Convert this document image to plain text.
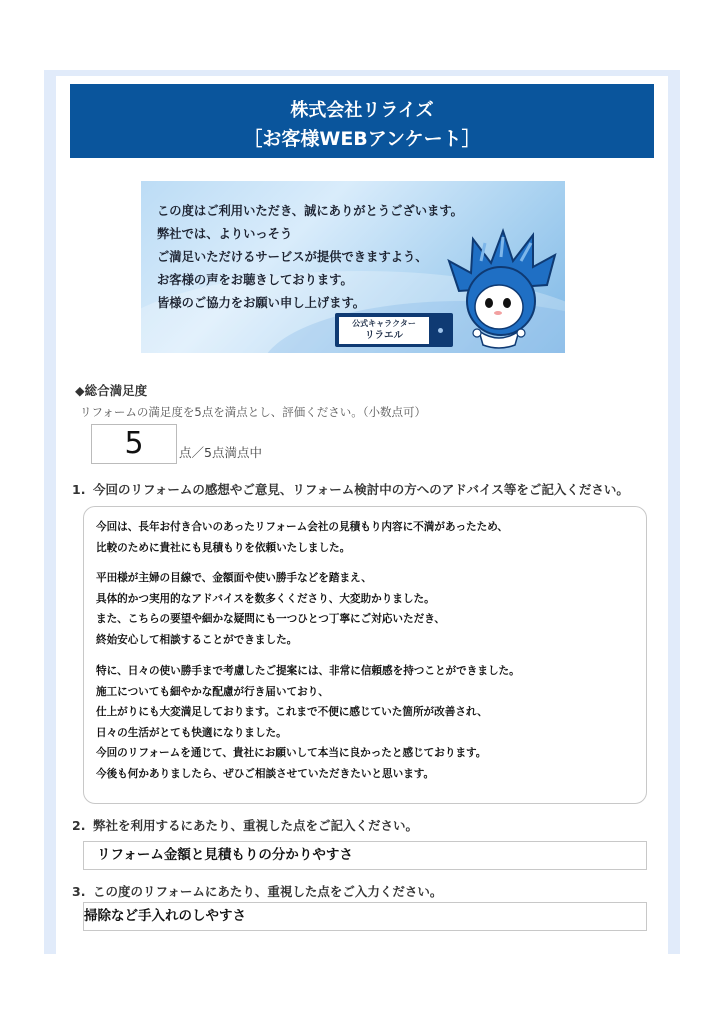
株式会社リライズ
［お客様WEBアンケート］
この度はご利用いただき、誠にありがとうございます。
弊社では、よりいっそう
ご満足いただけるサービスが提供できますよう、
お客様の声をお聴きしております。
皆様のご協力をお願い申し上げます。
公式キャラクター
リラエル
◆総合満足度
リフォームの満足度を5点を満点とし、評価ください。（小数点可）
5	点／5点満点中
1. 今回のリフォームの感想やご意見、リフォーム検討中の方へのアドバイス等をご記入ください。
今回は、長年お付き合いのあったリフォーム会社の見積もり内容に不満があったため、
比較のために貴社にも見積もりを依頼いたしました。
平田様が主婦の目線で、金額面や使い勝手などを踏まえ、
具体的かつ実用的なアドバイスを数多くくださり、大変助かりました。
また、こちらの要望や細かな疑問にも一つひとつ丁寧にご対応いただき、
終始安心して相談することができました。
特に、日々の使い勝手まで考慮したご提案には、非常に信頼感を持つことができました。
施工についても細やかな配慮が行き届いており、
仕上がりにも大変満足しております。これまで不便に感じていた箇所が改善され、
日々の生活がとても快適になりました。
今回のリフォームを通じて、貴社にお願いして本当に良かったと感じております。
今後も何かありましたら、ぜひご相談させていただきたいと思います。
2. 弊社を利用するにあたり、重視した点をご記入ください。
リフォーム金額と見積もりの分かりやすさ
3. この度のリフォームにあたり、重視した点をご入力ください。
掃除など手入れのしやすさ
